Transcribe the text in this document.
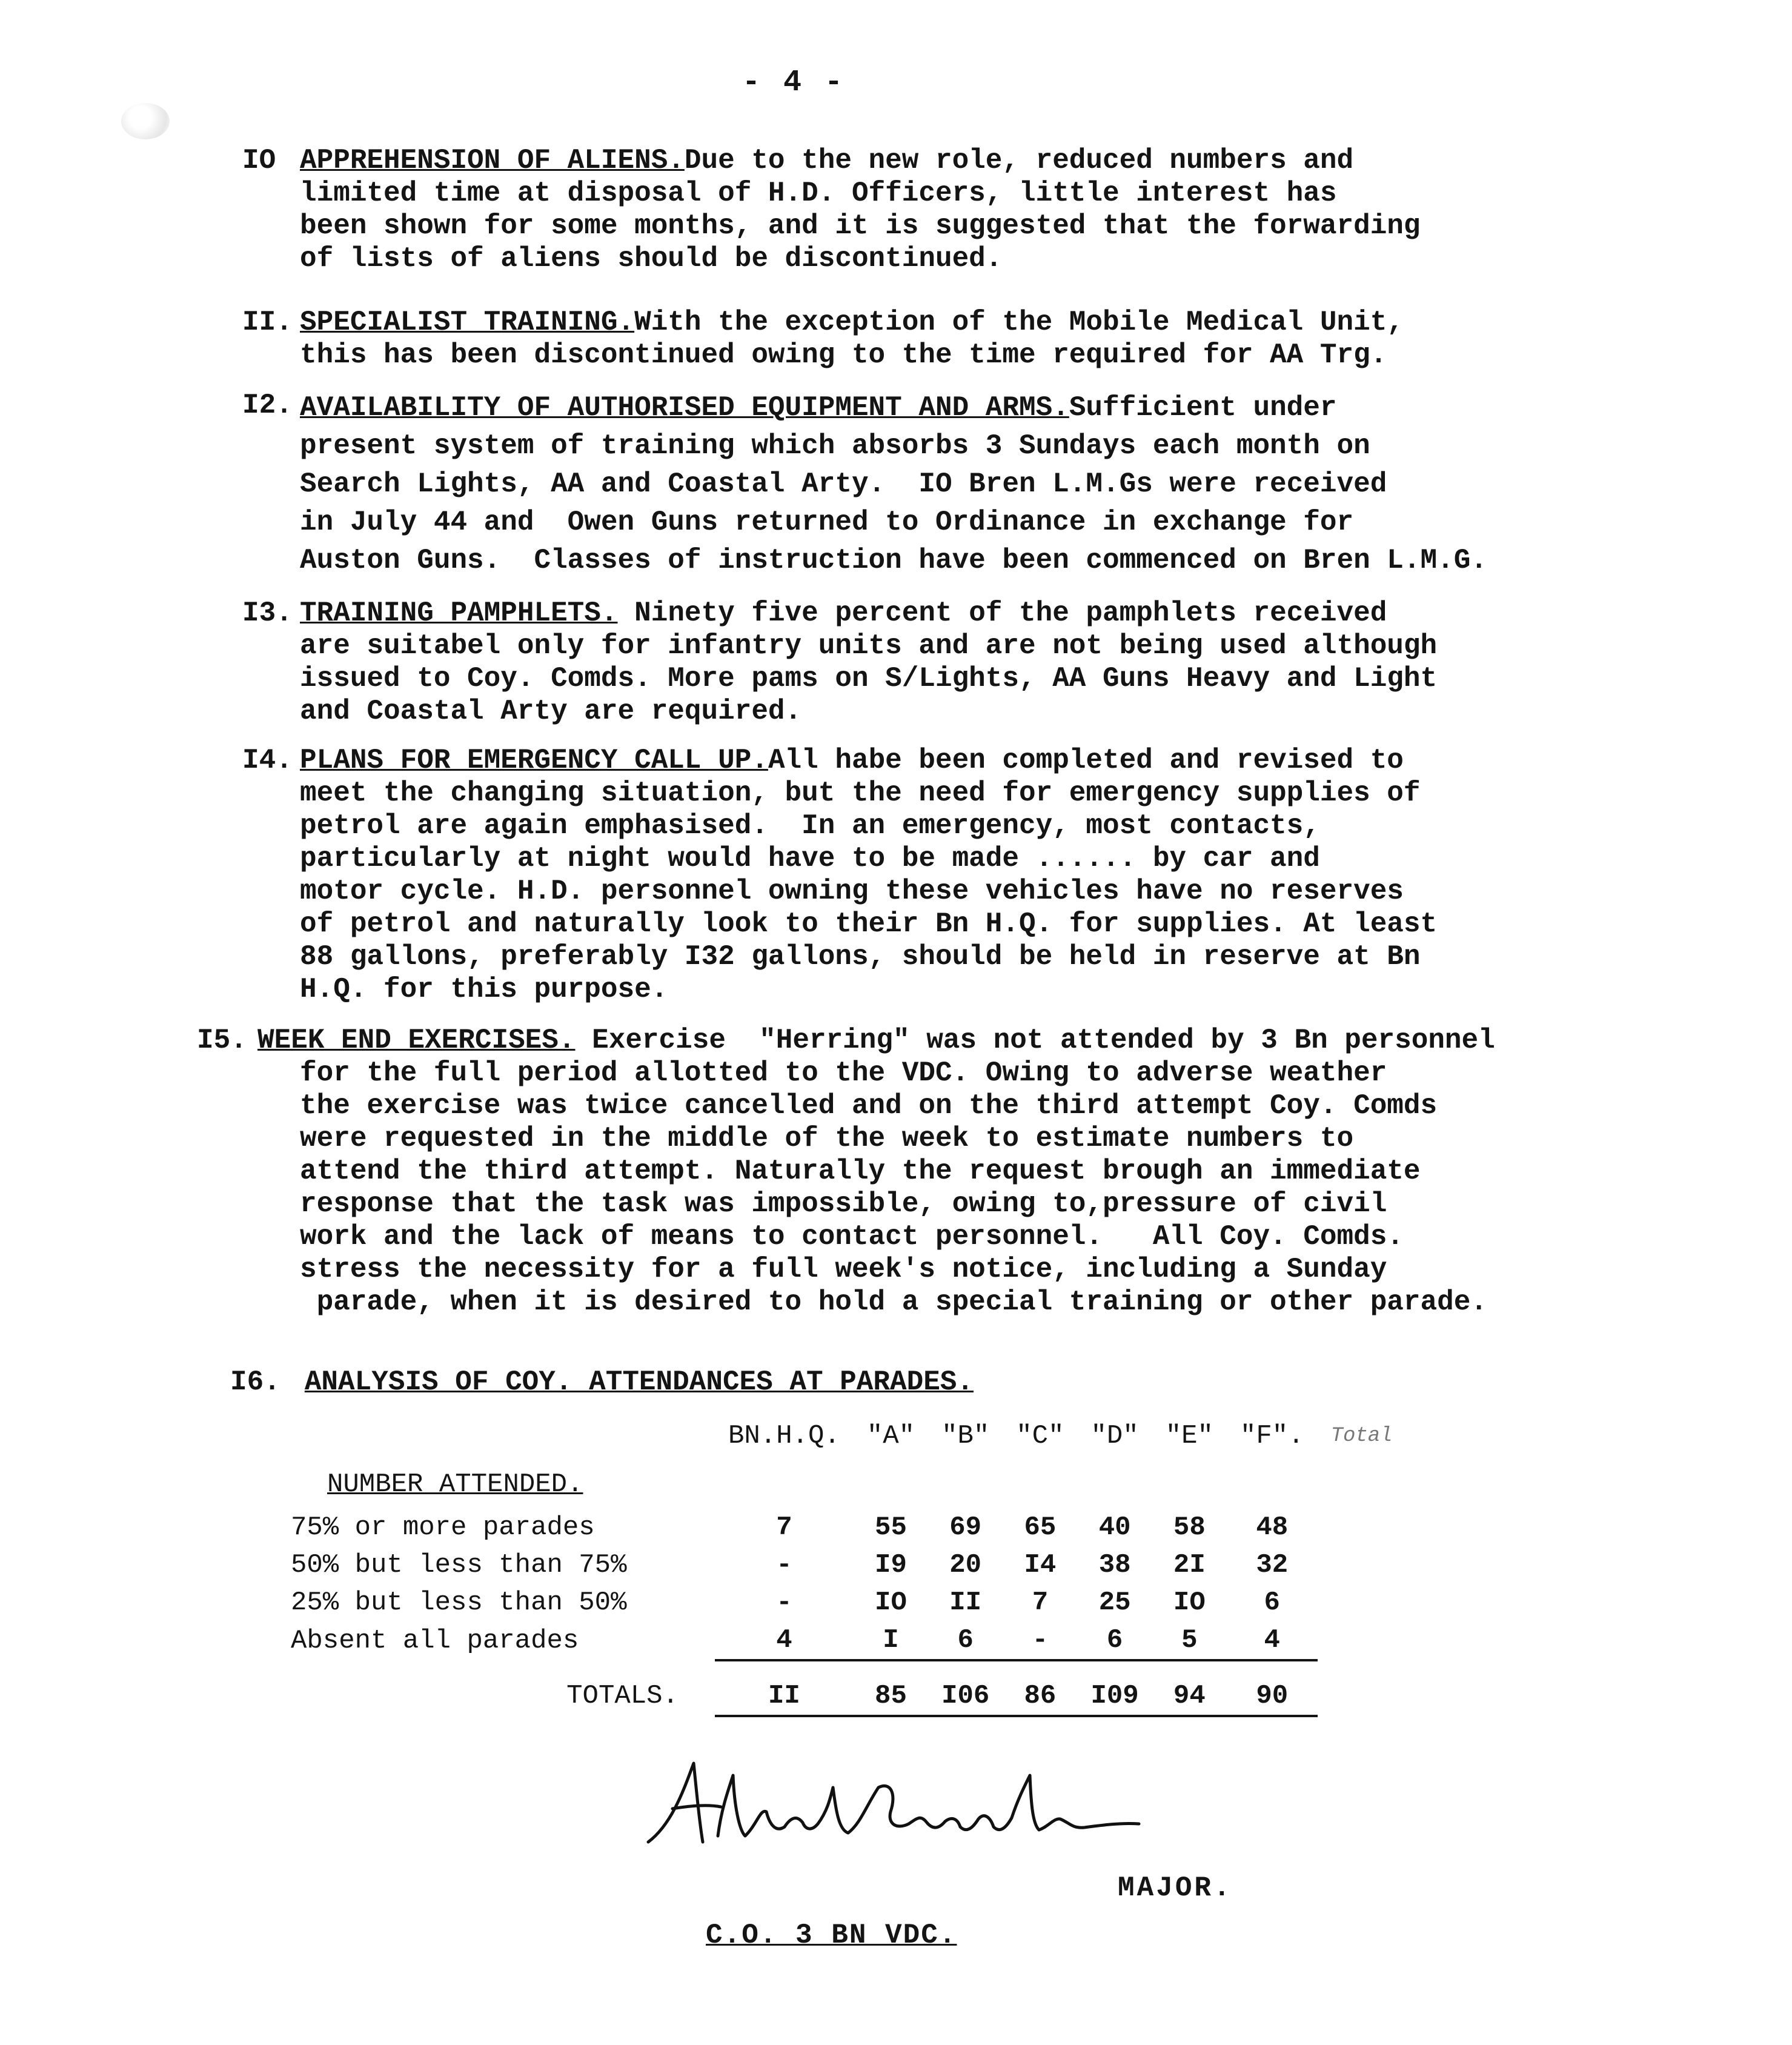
- 4 -
IO APPREHENSION OF ALIENS.Due to the new role, reduced numbers and
limited time at disposal of H.D. Officers, little interest has
been shown for some months, and it is suggested that the forwarding
of lists of aliens should be discontinued.
II. SPECIALIST TRAINING.With the exception of the Mobile Medical Unit,
this has been discontinued owing to the time required for AA Trg.
I2. AVAILABILITY OF AUTHORISED EQUIPMENT AND ARMS.Sufficient under
present system of training which absorbs 3 Sundays each month on
Search Lights, AA and Coastal Arty.  IO Bren L.M.Gs were received
in July 44 and  Owen Guns returned to Ordinance in exchange for
Auston Guns.  Classes of instruction have been commenced on Bren L.M.G.
I3. TRAINING PAMPHLETS. Ninety five percent of the pamphlets received
are suitabel only for infantry units and are not being used although
issued to Coy. Comds. More pams on S/Lights, AA Guns Heavy and Light
and Coastal Arty are required.
I4. PLANS FOR EMERGENCY CALL UP.All habe been completed and revised to
meet the changing situation, but the need for emergency supplies of
petrol are again emphasised.  In an emergency, most contacts,
particularly at night would have to be made ...... by car and
motor cycle. H.D. personnel owning these vehicles have no reserves
of petrol and naturally look to their Bn H.Q. for supplies. At least
88 gallons, preferably I32 gallons, should be held in reserve at Bn
H.Q. for this purpose.
I5. WEEK END EXERCISES. Exercise  "Herring" was not attended by 3 Bn personnel
for the full period allotted to the VDC. Owing to adverse weather
the exercise was twice cancelled and on the third attempt Coy. Comds
were requested in the middle of the week to estimate numbers to
attend the third attempt. Naturally the request brough an immediate
response that the task was impossible, owing to,pressure of civil
work and the lack of means to contact personnel.   All Coy. Comds.
stress the necessity for a full week's notice, including a Sunday
parade, when it is desired to hold a special training or other parade.
I6. ANALYSIS OF COY. ATTENDANCES AT PARADES.
	BN.H.Q.	"A"	"B"	"C"	"D"	"E"	"F".	Total
NUMBER ATTENDED.								
75% or more parades	7	55	69	65	40	58	48	
50% but less than 75%	-	I9	20	I4	38	2I	32	
25% but less than 50%	-	IO	II	7	25	IO	6	
Absent all parades	4	I	6	-	6	5	4	
TOTALS.	II	85	I06	86	I09	94	90	
MAJOR.
C.O. 3 BN VDC.
